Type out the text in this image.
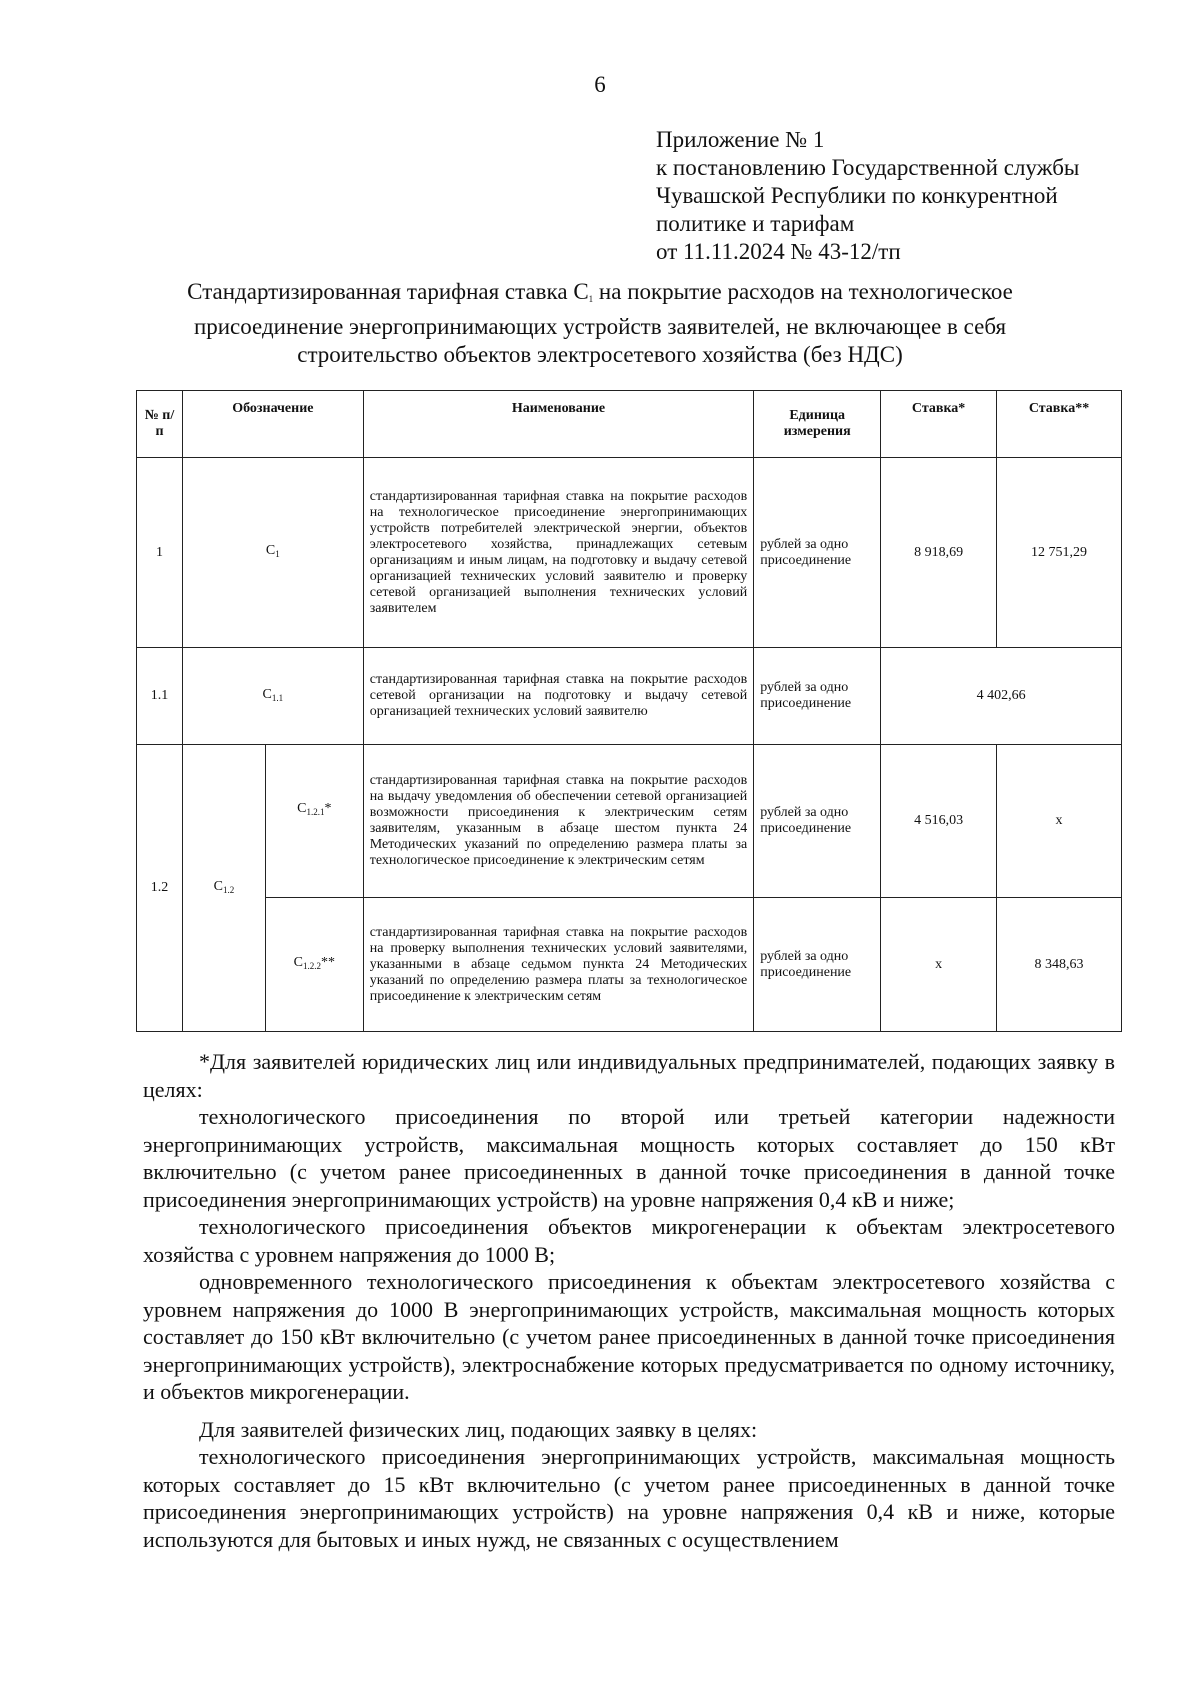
6
Приложение № 1
к постановлению Государственной службы
Чувашской Республики по конкурентной
политике и тарифам
от 11.11.2024 № 43-12/тп
Стандартизированная тарифная ставка $С_1$ на покрытие расходов на технологическое присоединение энергопринимающих устройств заявителей, не включающее в себя строительство объектов электросетевого хозяйства (без НДС)
№ п/п	Обозначение		Наименование	Единица измерения	Ставка*	Ставка**
1	$С_1$		стандартизированная тарифная ставка на покрытие расходов на технологическое присоединение энергопринимающих устройств потребителей электрической энергии, объектов электросетевого хозяйства, принадлежащих сетевым организациям и иным лицам, на подготовку и выдачу сетевой организацией технических условий заявителю и проверку сетевой организацией выполнения технических условий заявителем	рублей за одно присоединение	8 918,69	12 751,29
1.1	$С_{1.1}$		стандартизированная тарифная ставка на покрытие расходов сетевой организации на подготовку и выдачу сетевой организацией технических условий заявителю	рублей за одно присоединение	4 402,66	
1.2	$С_{1.2}$	$С_{1.2.1}*$	стандартизированная тарифная ставка на покрытие расходов на выдачу уведомления об обеспечении сетевой организацией возможности присоединения к электрическим сетям заявителям, указанным в абзаце шестом пункта 24 Методических указаний по определению размера платы за технологическое присоединение к электрическим сетям	рублей за одно присоединение	4 516,03	x
		$С_{1.2.2}**$	стандартизированная тарифная ставка на покрытие расходов на проверку выполнения технических условий заявителями, указанными в абзаце седьмом пункта 24 Методических указаний по определению размера платы за технологическое присоединение к электрическим сетям	рублей за одно присоединение	x	8 348,63

*Для заявителей юридических лиц или индивидуальных предпринимателей, подающих заявку в целях:

технологического присоединения по второй или третьей категории надежности энергопринимающих устройств, максимальная мощность которых составляет до 150 кВт включительно (с учетом ранее присоединенных в данной точке присоединения в данной точке присоединения энергопринимающих устройств) на уровне напряжения 0,4 кВ и ниже;

технологического присоединения объектов микрогенерации к объектам электросетевого хозяйства с уровнем напряжения до 1000 В;

одновременного технологического присоединения к объектам электросетевого хозяйства с уровнем напряжения до 1000 В энергопринимающих устройств, максимальная мощность которых составляет до 150 кВт включительно (с учетом ранее присоединенных в данной точке присоединения энергопринимающих устройств), электроснабжение которых предусматривается по одному источнику, и объектов микрогенерации.

Для заявителей физических лиц, подающих заявку в целях:

технологического присоединения энергопринимающих устройств, максимальная мощность которых составляет до 15 кВт включительно (с учетом ранее присоединенных в данной точке присоединения энергопринимающих устройств) на уровне напряжения 0,4 кВ и ниже, которые используются для бытовых и иных нужд, не связанных с осуществлением
